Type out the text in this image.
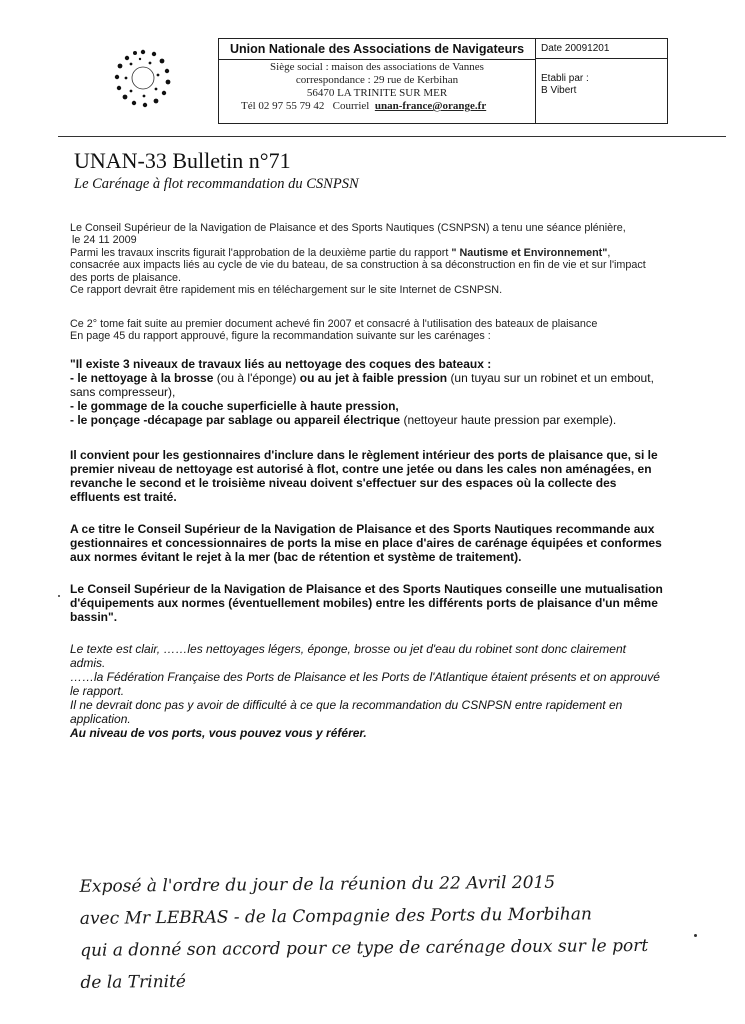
Union Nationale des Associations de Navigateurs
Siège social : maison des associations de Vannes
correspondance : 29 rue de Kerbihan
56470 LA TRINITE SUR MER
Tél 02 97 55 79 42 Courriel unan-france@orange.fr
Date 20091201
Etabli par :
B Vibert
UNAN-33 Bulletin n°71
Le Carénage à flot recommandation du CSNPSN
Le Conseil Supérieur de la Navigation de Plaisance et des Sports Nautiques (CSNPSN) a tenu une séance plénière,
le 24 11 2009
Parmi les travaux inscrits figurait l'approbation de la deuxième partie du rapport " Nautisme et Environnement",
consacrée aux impacts liés au cycle de vie du bateau, de sa construction à sa déconstruction en fin de vie et sur l'impact
des ports de plaisance.
Ce rapport devrait être rapidement mis en téléchargement sur le site Internet de CSNPSN.
Ce 2° tome fait suite au premier document achevé fin 2007 et consacré à l'utilisation des bateaux de plaisance
En page 45 du rapport approuvé, figure la recommandation suivante sur les carénages :
"Il existe 3 niveaux de travaux liés au nettoyage des coques des bateaux :
- le nettoyage à la brosse (ou à l'éponge) ou au jet à faible pression (un tuyau sur un robinet et un embout,
sans compresseur),
- le gommage de la couche superficielle à haute pression,
- le ponçage -décapage par sablage ou appareil électrique (nettoyeur haute pression par exemple).
Il convient pour les gestionnaires d'inclure dans le règlement intérieur des ports de plaisance que, si le
premier niveau de nettoyage est autorisé à flot, contre une jetée ou dans les cales non aménagées, en
revanche le second et le troisième niveau doivent s'effectuer sur des espaces où la collecte des
effluents est traité.
A ce titre le Conseil Supérieur de la Navigation de Plaisance et des Sports Nautiques recommande aux
gestionnaires et concessionnaires de ports la mise en place d'aires de carénage équipées et conformes
aux normes évitant le rejet à la mer (bac de rétention et système de traitement).
Le Conseil Supérieur de la Navigation de Plaisance et des Sports Nautiques conseille une mutualisation
d'équipements aux normes (éventuellement mobiles) entre les différents ports de plaisance d'un même
bassin".
Le texte est clair, ……les nettoyages légers, éponge, brosse ou jet d'eau du robinet sont donc clairement
admis.
……la Fédération Française des Ports de Plaisance et les Ports de l'Atlantique étaient présents et on approuvé
le rapport.
Il ne devrait donc pas y avoir de difficulté à ce que la recommandation du CSNPSN entre rapidement en
application.
Au niveau de vos ports, vous pouvez vous y référer.
Exposé à l'ordre du jour de la réunion du 22 Avril 2015
avec Mr LEBRAS - de la Compagnie des Ports du Morbihan
qui a donné son accord pour ce type de carénage doux sur le port
de la Trinité
